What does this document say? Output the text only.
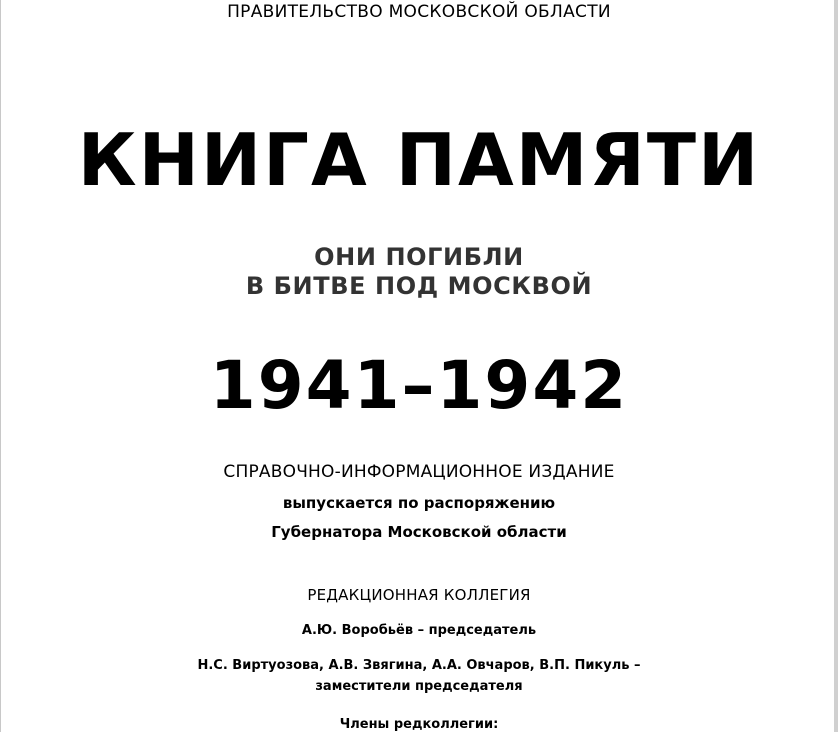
ПРАВИТЕЛЬСТВО МОСКОВСКОЙ ОБЛАСТИ
КНИГА ПАМЯТИ
ОНИ ПОГИБЛИ
В БИТВЕ ПОД МОСКВОЙ
1941–1942
СПРАВОЧНО-ИНФОРМАЦИОННОЕ ИЗДАНИЕ
выпускается по распоряжению
Губернатора Московской области
РЕДАКЦИОННАЯ КОЛЛЕГИЯ
А.Ю. Воробьёв – председатель
Н.С. Виртуозова, А.В. Звягина, А.А. Овчаров, В.П. Пикуль –
заместители председателя
Члены редколлегии:
